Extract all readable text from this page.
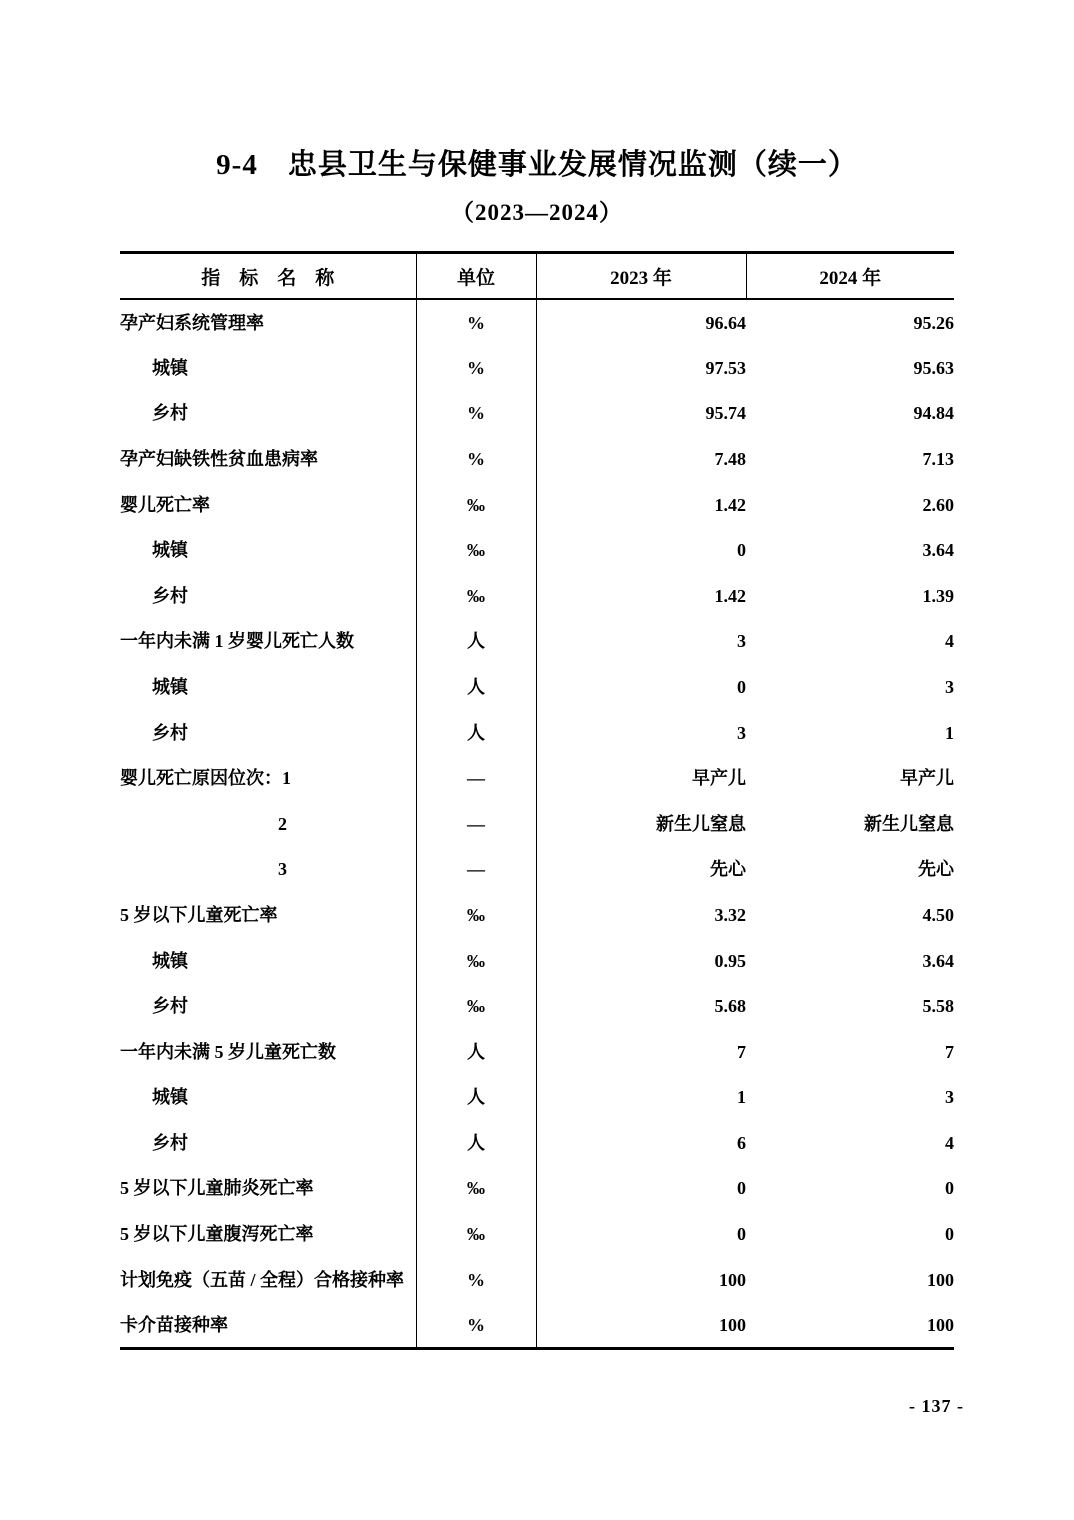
9-4　忠县卫生与保健事业发展情况监测（续一）
（2023—2024）
指　标　名　称	单位	2023 年	2024 年
孕产妇系统管理率	%	96.64	95.26
城镇	%	97.53	95.63
乡村	%	95.74	94.84
孕产妇缺铁性贫血患病率	%	7.48	7.13
婴儿死亡率	‰	1.42	2.60
城镇	‰	0	3.64
乡村	‰	1.42	1.39
一年内未满 1 岁婴儿死亡人数	人	3	4
城镇	人	0	3
乡村	人	3	1
婴儿死亡原因位次：1	—	早产儿	早产儿
2	—	新生儿窒息	新生儿窒息
3	—	先心	先心
5 岁以下儿童死亡率	‰	3.32	4.50
城镇	‰	0.95	3.64
乡村	‰	5.68	5.58
一年内未满 5 岁儿童死亡数	人	7	7
城镇	人	1	3
乡村	人	6	4
5 岁以下儿童肺炎死亡率	‰	0	0
5 岁以下儿童腹泻死亡率	‰	0	0
计划免疫（五苗 / 全程）合格接种率	%	100	100
卡介苗接种率	%	100	100
- 137 -
